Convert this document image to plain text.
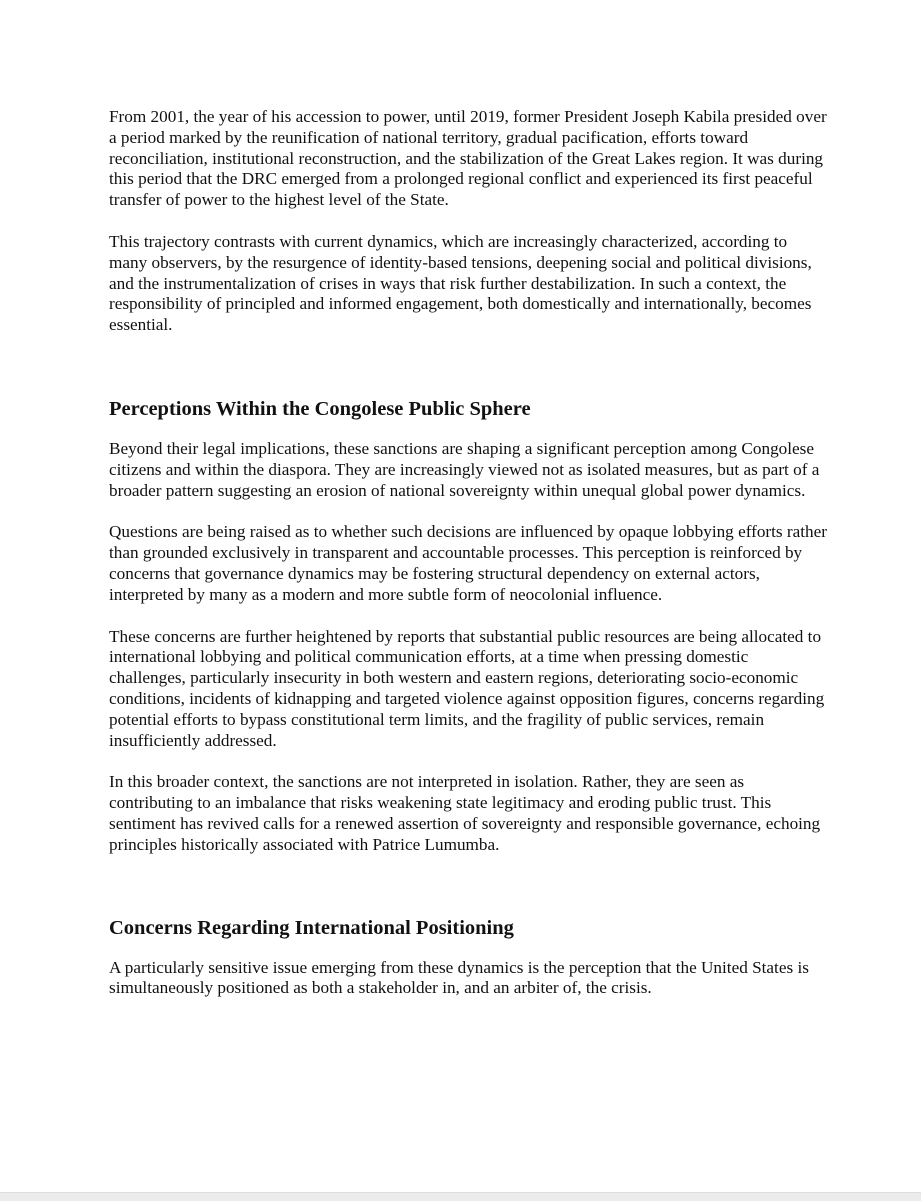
From 2001, the year of his accession to power, until 2019, former President Joseph Kabila presided over a period marked by the reunification of national territory, gradual pacification, efforts toward reconciliation, institutional reconstruction, and the stabilization of the Great Lakes region. It was during this period that the DRC emerged from a prolonged regional conflict and experienced its first peaceful transfer of power to the highest level of the State.

This trajectory contrasts with current dynamics, which are increasingly characterized, according to many observers, by the resurgence of identity-based tensions, deepening social and political divisions, and the instrumentalization of crises in ways that risk further destabilization. In such a context, the responsibility of principled and informed engagement, both domestically and internationally, becomes essential.

Perceptions Within the Congolese Public Sphere

Beyond their legal implications, these sanctions are shaping a significant perception among Congolese citizens and within the diaspora. They are increasingly viewed not as isolated measures, but as part of a broader pattern suggesting an erosion of national sovereignty within unequal global power dynamics.

Questions are being raised as to whether such decisions are influenced by opaque lobbying efforts rather than grounded exclusively in transparent and accountable processes. This perception is reinforced by concerns that governance dynamics may be fostering structural dependency on external actors, interpreted by many as a modern and more subtle form of neocolonial influence.

These concerns are further heightened by reports that substantial public resources are being allocated to international lobbying and political communication efforts, at a time when pressing domestic challenges, particularly insecurity in both western and eastern regions, deteriorating socio-economic conditions, incidents of kidnapping and targeted violence against opposition figures, concerns regarding potential efforts to bypass constitutional term limits, and the fragility of public services, remain insufficiently addressed.

In this broader context, the sanctions are not interpreted in isolation. Rather, they are seen as contributing to an imbalance that risks weakening state legitimacy and eroding public trust. This sentiment has revived calls for a renewed assertion of sovereignty and responsible governance, echoing principles historically associated with Patrice Lumumba.

Concerns Regarding International Positioning

A particularly sensitive issue emerging from these dynamics is the perception that the United States is simultaneously positioned as both a stakeholder in, and an arbiter of, the crisis.
